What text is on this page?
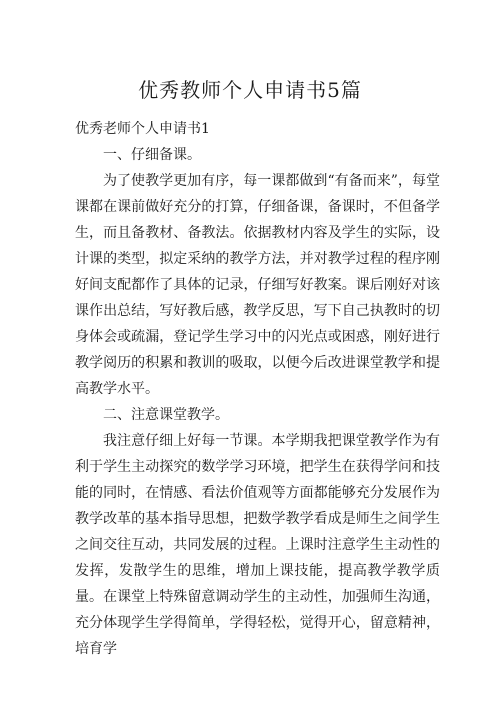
优秀教师个人申请书5篇

优秀老师个人申请书1

一、仔细备课。

为了使教学更加有序，每一课都做到“有备而来”，每堂课都在课前做好充分的打算，仔细备课，备课时，不但备学生，而且备教材、备教法。依据教材内容及学生的实际，设计课的类型，拟定采纳的教学方法，并对教学过程的程序刚好间支配都作了具体的记录，仔细写好教案。课后刚好对该课作出总结，写好教后感，教学反思，写下自己执教时的切身体会或疏漏，登记学生学习中的闪光点或困惑，刚好进行教学阅历的积累和教训的吸取，以便今后改进课堂教学和提高教学水平。

二、注意课堂教学。

我注意仔细上好每一节课。本学期我把课堂教学作为有利于学生主动探究的数学学习环境，把学生在获得学问和技能的同时，在情感、看法价值观等方面都能够充分发展作为教学改革的基本指导思想，把数学教学看成是师生之间学生之间交往互动，共同发展的过程。上课时注意学生主动性的发挥，发散学生的思维，增加上课技能，提高教学教学质量。在课堂上特殊留意调动学生的主动性，加强师生沟通，充分体现学生学得简单，学得轻松，觉得开心，留意精神，培育学
